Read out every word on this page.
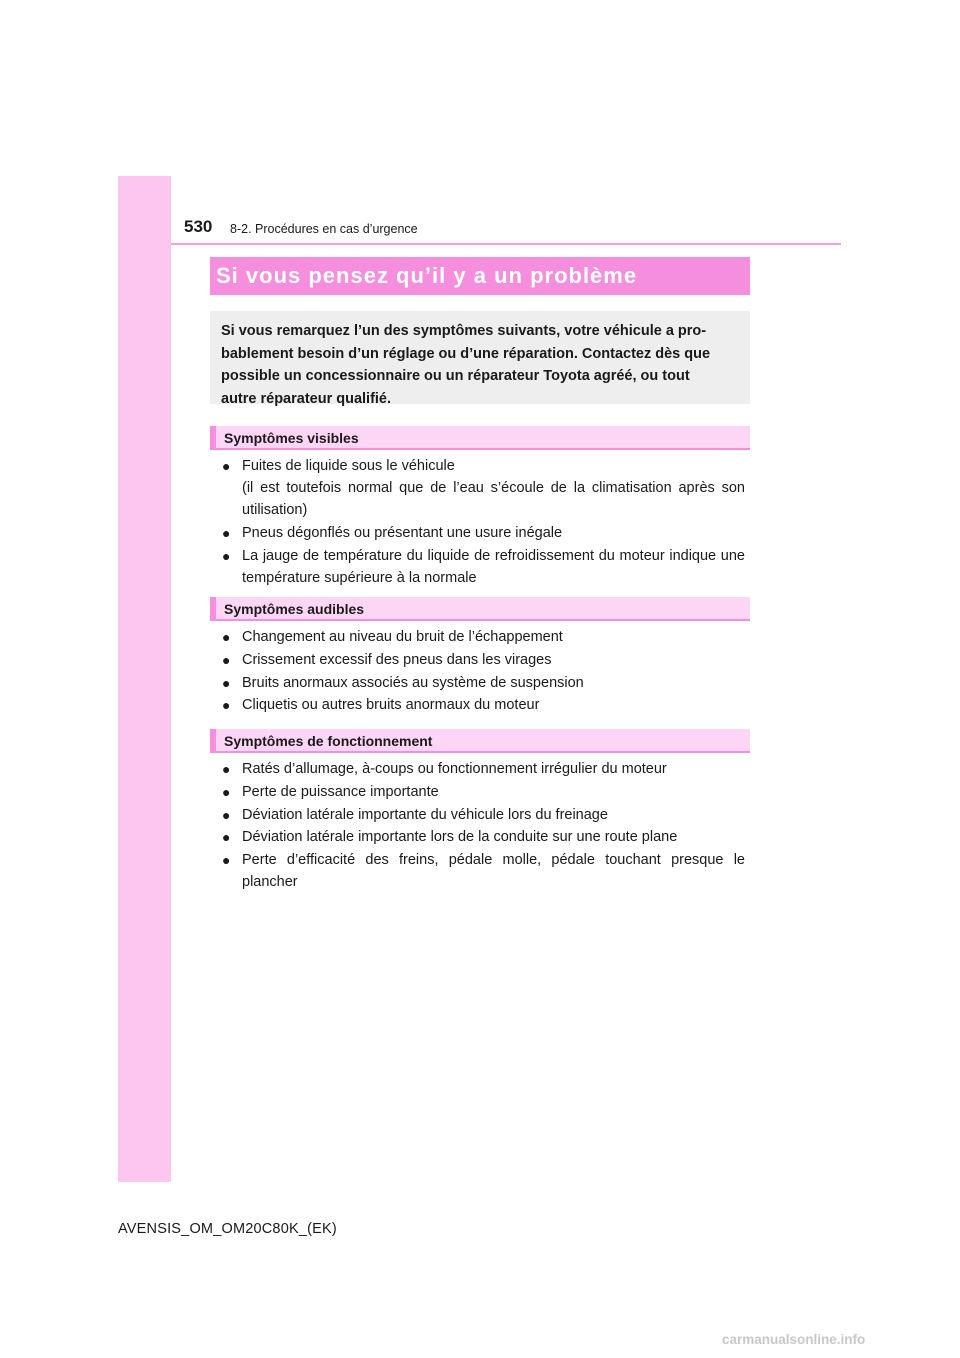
530 8-2. Procédures en cas d’urgence
Si vous pensez qu’il y a un problème

Si vous remarquez l’un des symptômes suivants, votre véhicule a pro-
bablement besoin d’un réglage ou d’une réparation. Contactez dès que
possible un concessionnaire ou un réparateur Toyota agréé, ou tout
autre réparateur qualifié.

Symptômes visibles
● Fuites de liquide sous le véhicule
(il est toutefois normal que de l’eau s’écoule de la climatisation après son utilisation)
● Pneus dégonflés ou présentant une usure inégale
● La jauge de température du liquide de refroidissement du moteur indique une température supérieure à la normale
Symptômes audibles
● Changement au niveau du bruit de l’échappement
● Crissement excessif des pneus dans les virages
● Bruits anormaux associés au système de suspension
● Cliquetis ou autres bruits anormaux du moteur
Symptômes de fonctionnement
● Ratés d’allumage, à-coups ou fonctionnement irrégulier du moteur
● Perte de puissance importante
● Déviation latérale importante du véhicule lors du freinage
● Déviation latérale importante lors de la conduite sur une route plane
● Perte d’efficacité des freins, pédale molle, pédale touchant presque le plancher
AVENSIS_OM_OM20C80K_(EK)
carmanualsonline.info
